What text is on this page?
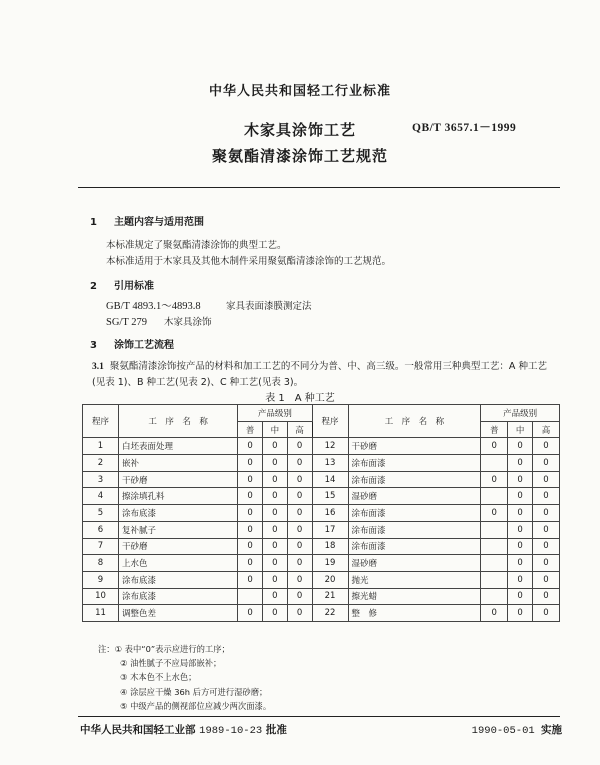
中华人民共和国轻工行业标准
木家具涂饰工艺
聚氨酯清漆涂饰工艺规范
QB/T 3657.1－1999
1 主题内容与适用范围
本标准规定了聚氨酯清漆涂饰的典型工艺。
本标准适用于木家具及其他木制件采用聚氨酯清漆涂饰的工艺规范。
2 引用标准
GB/T 4893.1～4893.8	家具表面漆膜测定法
SG/T 279 木家具涂饰
3 涂饰工艺流程
3.1 聚氨酯清漆涂饰按产品的材料和加工工艺的不同分为普、中、高三级。一般常用三种典型工艺：A 种工艺(见表 1)、B 种工艺(见表 2)、C 种工艺(见表 3)。
表 1　A 种工艺
程序	工　序　名　称	产品级别			程序	工　序　名　称	产品级别		
		普	中	高			普	中	高
1	白坯表面处理	0	0	0	12	干砂磨	0	0	0
2	嵌补	0	0	0	13	涂布面漆		0	0
3	干砂磨	0	0	0	14	涂布面漆	0	0	0
4	擦涂填孔料	0	0	0	15	湿砂磨		0	0
5	涂布底漆	0	0	0	16	涂布面漆	0	0	0
6	复补腻子	0	0	0	17	涂布面漆		0	0
7	干砂磨	0	0	0	18	涂布面漆		0	0
8	上水色	0	0	0	19	湿砂磨		0	0
9	涂布底漆	0	0	0	20	抛光		0	0
10	涂布底漆		0	0	21	擦光蜡		0	0
11	调整色差	0	0	0	22	整　修	0	0	0
注：① 表中“0”表示应进行的工序；
② 油性腻子不应局部嵌补；
③ 木本色不上水色；
④ 涂层应干燥 36h 后方可进行湿砂磨；
⑤ 中级产品的侧视部位应减少两次面漆。
中华人民共和国轻工业部 1989-10-23 批准	1990-05-01 实施
